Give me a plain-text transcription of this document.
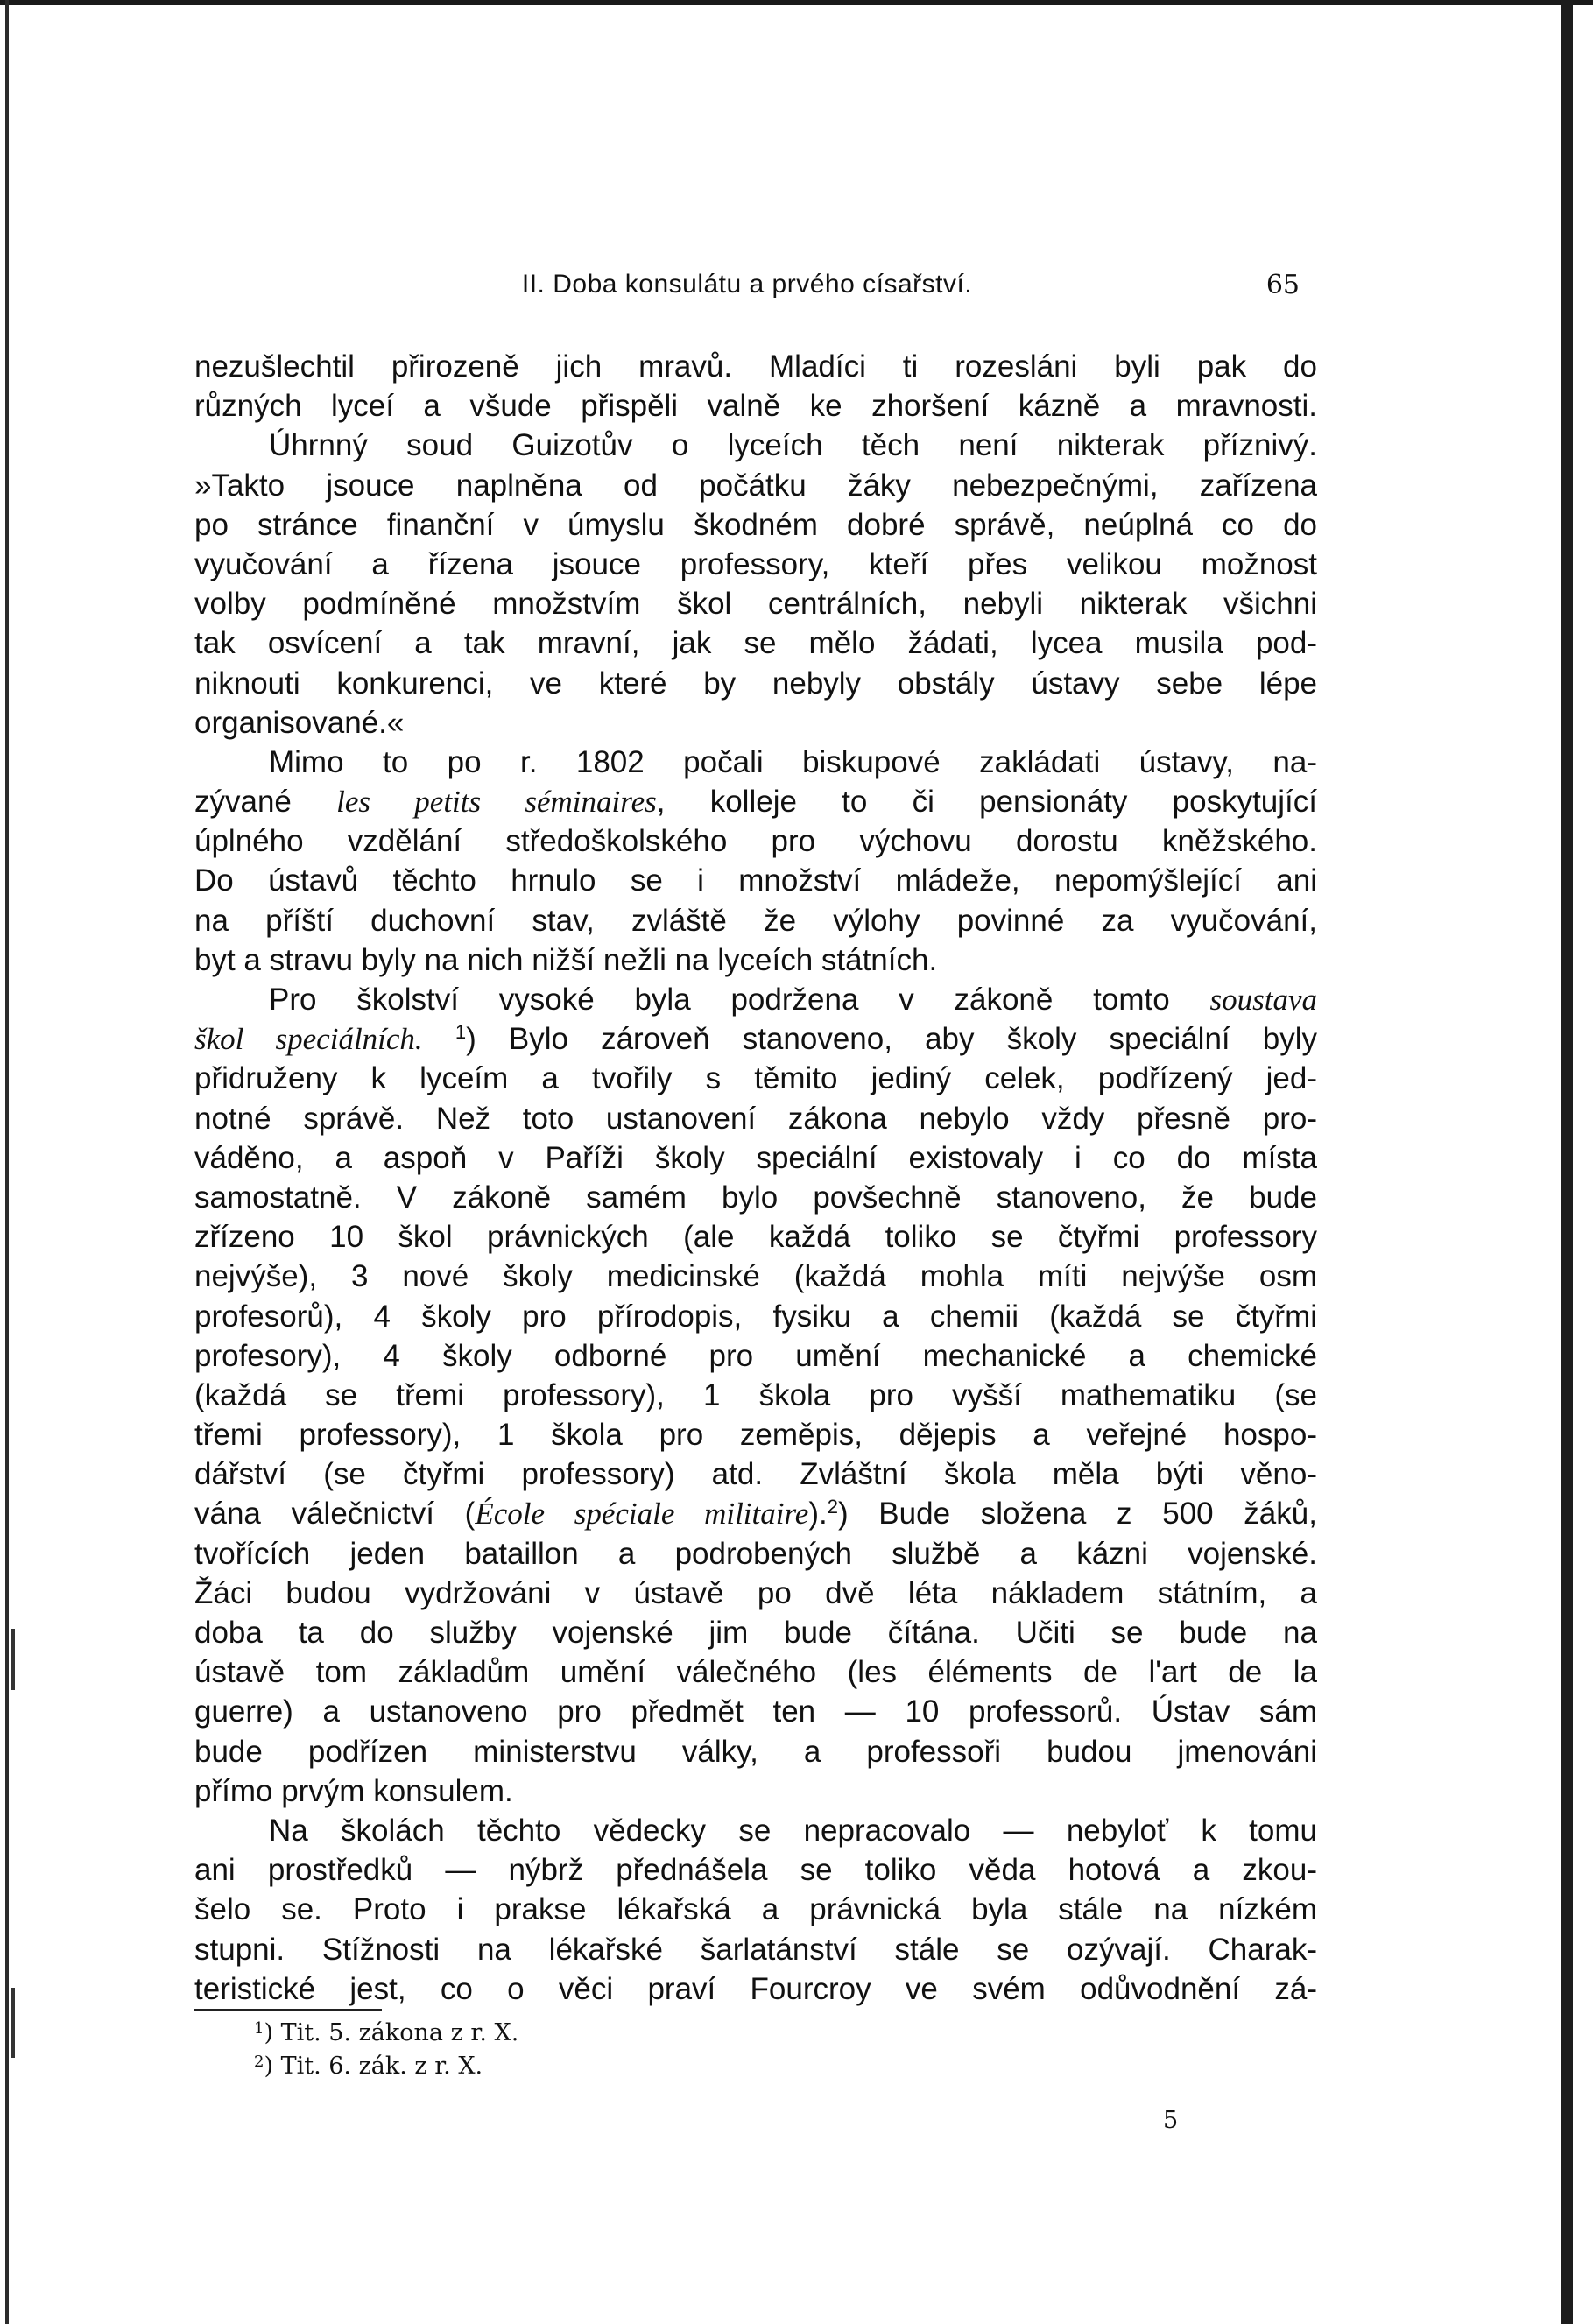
II. Doba konsulátu a prvého císařství.	65
nezušlechtil přirozeně jich mravů. Mladíci ti rozesláni byli pak do
různých lyceí a všude přispěli valně ke zhoršení kázně a mravnosti.
Úhrnný soud Guizotův o lyceích těch není nikterak příznivý.
»Takto jsouce naplněna od počátku žáky nebezpečnými, zařízena
po stránce finanční v úmyslu škodném dobré správě, neúplná co do
vyučování a řízena jsouce professory, kteří přes velikou možnost
volby podmíněné množstvím škol centrálních, nebyli nikterak všichni
tak osvícení a tak mravní, jak se mělo žádati, lycea musila pod-
niknouti konkurenci, ve které by nebyly obstály ústavy sebe lépe
organisované.«
Mimo to po r. 1802 počali biskupové zakládati ústavy, na-
zývané les petits séminaires, kolleje to či pensionáty poskytující
úplného vzdělání středoškolského pro výchovu dorostu kněžského.
Do ústavů těchto hrnulo se i množství mládeže, nepomýšlející ani
na příští duchovní stav, zvláště že výlohy povinné za vyučování,
byt a stravu byly na nich nižší nežli na lyceích státních.
Pro školství vysoké byla podržena v zákoně tomto soustava
škol speciálních. $^1$) Bylo zároveň stanoveno, aby školy speciální byly
přidruženy k lyceím a tvořily s těmito jediný celek, podřízený jed-
notné správě. Než toto ustanovení zákona nebylo vždy přesně pro-
váděno, a aspoň v Paříži školy speciální existovaly i co do místa
samostatně. V zákoně samém bylo povšechně stanoveno, že bude
zřízeno 10 škol právnických (ale každá toliko se čtyřmi professory
nejvýše), 3 nové školy medicinské (každá mohla míti nejvýše osm
profesorů), 4 školy pro přírodopis, fysiku a chemii (každá se čtyřmi
profesory), 4 školy odborné pro umění mechanické a chemické
(každá se třemi professory), 1 škola pro vyšší mathematiku (se
třemi professory), 1 škola pro zeměpis, dějepis a veřejné hospo-
dářství (se čtyřmi professory) atd. Zvláštní škola měla býti věno-
vána válečnictví (École spéciale militaire).$^2$) Bude složena z 500 žáků,
tvořících jeden bataillon a podrobených službě a kázni vojenské.
Žáci budou vydržováni v ústavě po dvě léta nákladem státním, a
doba ta do služby vojenské jim bude čítána. Učiti se bude na
ústavě tom základům umění válečného (les éléments de l'art de la
guerre) a ustanoveno pro předmět ten — 10 professorů. Ústav sám
bude podřízen ministerstvu války, a professoři budou jmenováni
přímo prvým konsulem.
Na školách těchto vědecky se nepracovalo — nebyloť k tomu
ani prostředků — nýbrž přednášela se toliko věda hotová a zkou-
šelo se. Proto i prakse lékařská a právnická byla stále na nízkém
stupni. Stížnosti na lékařské šarlatánství stále se ozývají. Charak-
teristické jest, co o věci praví Fourcroy ve svém odůvodnění zá-
$^1$) Tit. 5. zákona z r. X.
$^2$) Tit. 6. zák. z r. X.
5
